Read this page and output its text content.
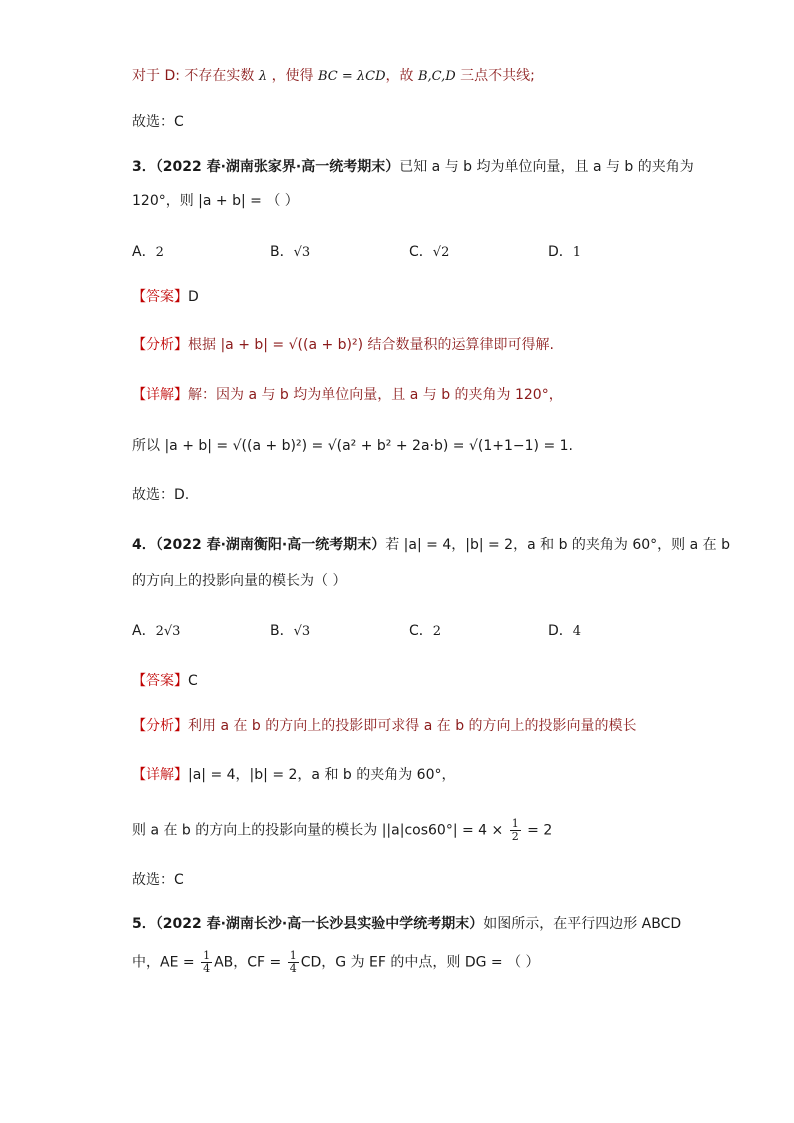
对于 D: 不存在实数 λ ，使得 BC = λCD，故 B,C,D 三点不共线;
故选：C
3．（2022 春·湖南张家界·高一统考期末）已知 a 与 b 均为单位向量，且 a 与 b 的夹角为
120°，则 |a + b| = （ ）
A．2	B．√3	C．√2	D．1
【答案】D
【分析】根据 |a + b| = √((a + b)²) 结合数量积的运算律即可得解.
【详解】解：因为 a 与 b 均为单位向量，且 a 与 b 的夹角为 120°，
所以 |a + b| = √((a + b)²) = √(a² + b² + 2a·b) = √(1+1−1) = 1.
故选：D.
4．（2022 春·湖南衡阳·高一统考期末）若 |a| = 4，|b| = 2，a 和 b 的夹角为 60°，则 a 在 b
的方向上的投影向量的模长为（ ）
A．2√3	B．√3	C．2	D．4
【答案】C
【分析】利用 a 在 b 的方向上的投影即可求得 a 在 b 的方向上的投影向量的模长
【详解】|a| = 4，|b| = 2，a 和 b 的夹角为 60°，
则 a 在 b 的方向上的投影向量的模长为 $||a|\cos 60^\circ| = 4 \times \frac{1}{2} = 2$
故选：C
5．（2022 春·湖南长沙·高一长沙县实验中学统考期末）如图所示，在平行四边形 ABCD
中，AE = $\frac{1}{4}$ AB，CF = $\frac{1}{4}$ CD，G 为 EF 的中点，则 DG = （ ）
